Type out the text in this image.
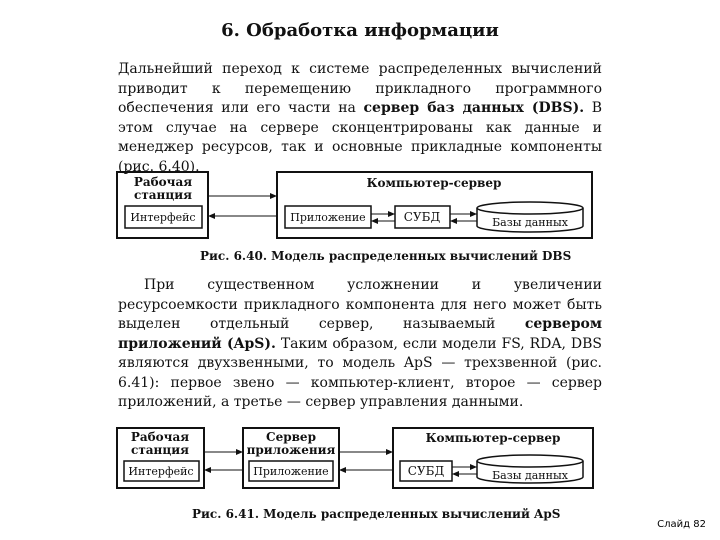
6. Обработка информации
Дальнейший переход к системе распределенных вычислений приводит к перемещению прикладного программного обеспечения или его части на сервер баз данных (DBS). В этом случае на сервере сконцентрированы как данные и менеджер ресурсов, так и основные прикладные компоненты (рис. 6.40).
Рабочая
станция
Интерфейс
Компьютер-сервер
Приложение	СУБД	Базы данных
Рис. 6.40. Модель распределенных вычислений DBS
При существенном усложнении и увеличении ресурсоемкости прикладного компонента для него может быть выделен отдельный сервер, называемый сервером приложений (ApS). Таким образом, если модели FS, RDA, DBS являются двухзвенными, то модель ApS — трехзвенной (рис. 6.41): первое звено — компьютер-клиент, второе — сервер приложений, а третье — сервер управления данными.
Рабочая
станция
Интерфейс
Сервер
приложения
Приложение
Компьютер-сервер
СУБД	Базы данных
Рис. 6.41. Модель распределенных вычислений ApS
Слайд 82
